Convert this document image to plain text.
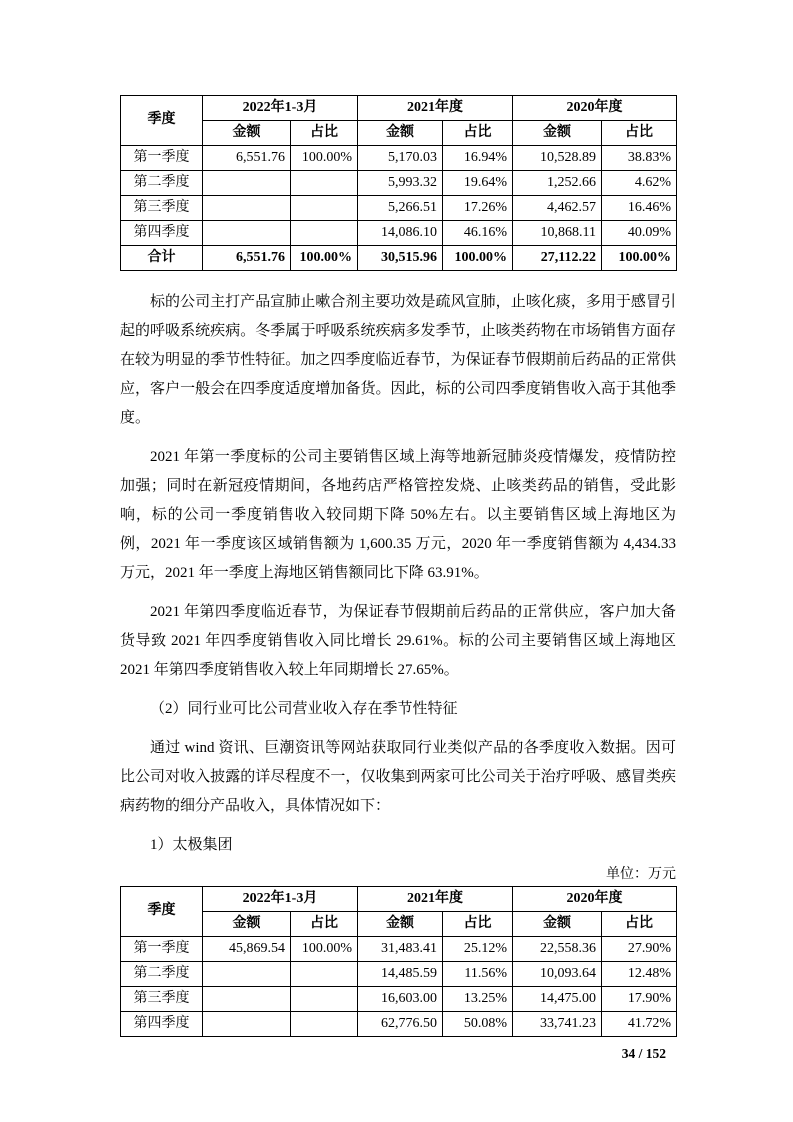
季度	2022年1-3月		2021年度		2020年度	
	金额	占比	金额	占比	金额	占比
第一季度	6,551.76	100.00%	5,170.03	16.94%	10,528.89	38.83%
第二季度			5,993.32	19.64%	1,252.66	4.62%
第三季度			5,266.51	17.26%	4,462.57	16.46%
第四季度			14,086.10	46.16%	10,868.11	40.09%
合计	6,551.76	100.00%	30,515.96	100.00%	27,112.22	100.00%

标的公司主打产品宣肺止嗽合剂主要功效是疏风宣肺，止咳化痰，多用于感冒引起的呼吸系统疾病。冬季属于呼吸系统疾病多发季节，止咳类药物在市场销售方面存在较为明显的季节性特征。加之四季度临近春节，为保证春节假期前后药品的正常供应，客户一般会在四季度适度增加备货。因此，标的公司四季度销售收入高于其他季度。

2021 年第一季度标的公司主要销售区域上海等地新冠肺炎疫情爆发，疫情防控加强；同时在新冠疫情期间，各地药店严格管控发烧、止咳类药品的销售，受此影响，标的公司一季度销售收入较同期下降 50%左右。以主要销售区域上海地区为例，2021 年一季度该区域销售额为 1,600.35 万元，2020 年一季度销售额为 4,434.33 万元，2021 年一季度上海地区销售额同比下降 63.91%。

2021 年第四季度临近春节，为保证春节假期前后药品的正常供应，客户加大备货导致 2021 年四季度销售收入同比增长 29.61%。标的公司主要销售区域上海地区 2021 年第四季度销售收入较上年同期增长 27.65%。

（2）同行业可比公司营业收入存在季节性特征

通过 wind 资讯、巨潮资讯等网站获取同行业类似产品的各季度收入数据。因可比公司对收入披露的详尽程度不一，仅收集到两家可比公司关于治疗呼吸、感冒类疾病药物的细分产品收入，具体情况如下：

1）太极集团

单位：万元
季度	2022年1-3月		2021年度		2020年度	
	金额	占比	金额	占比	金额	占比
第一季度	45,869.54	100.00%	31,483.41	25.12%	22,558.36	27.90%
第二季度			14,485.59	11.56%	10,093.64	12.48%
第三季度			16,603.00	13.25%	14,475.00	17.90%
第四季度			62,776.50	50.08%	33,741.23	41.72%
34 / 152
